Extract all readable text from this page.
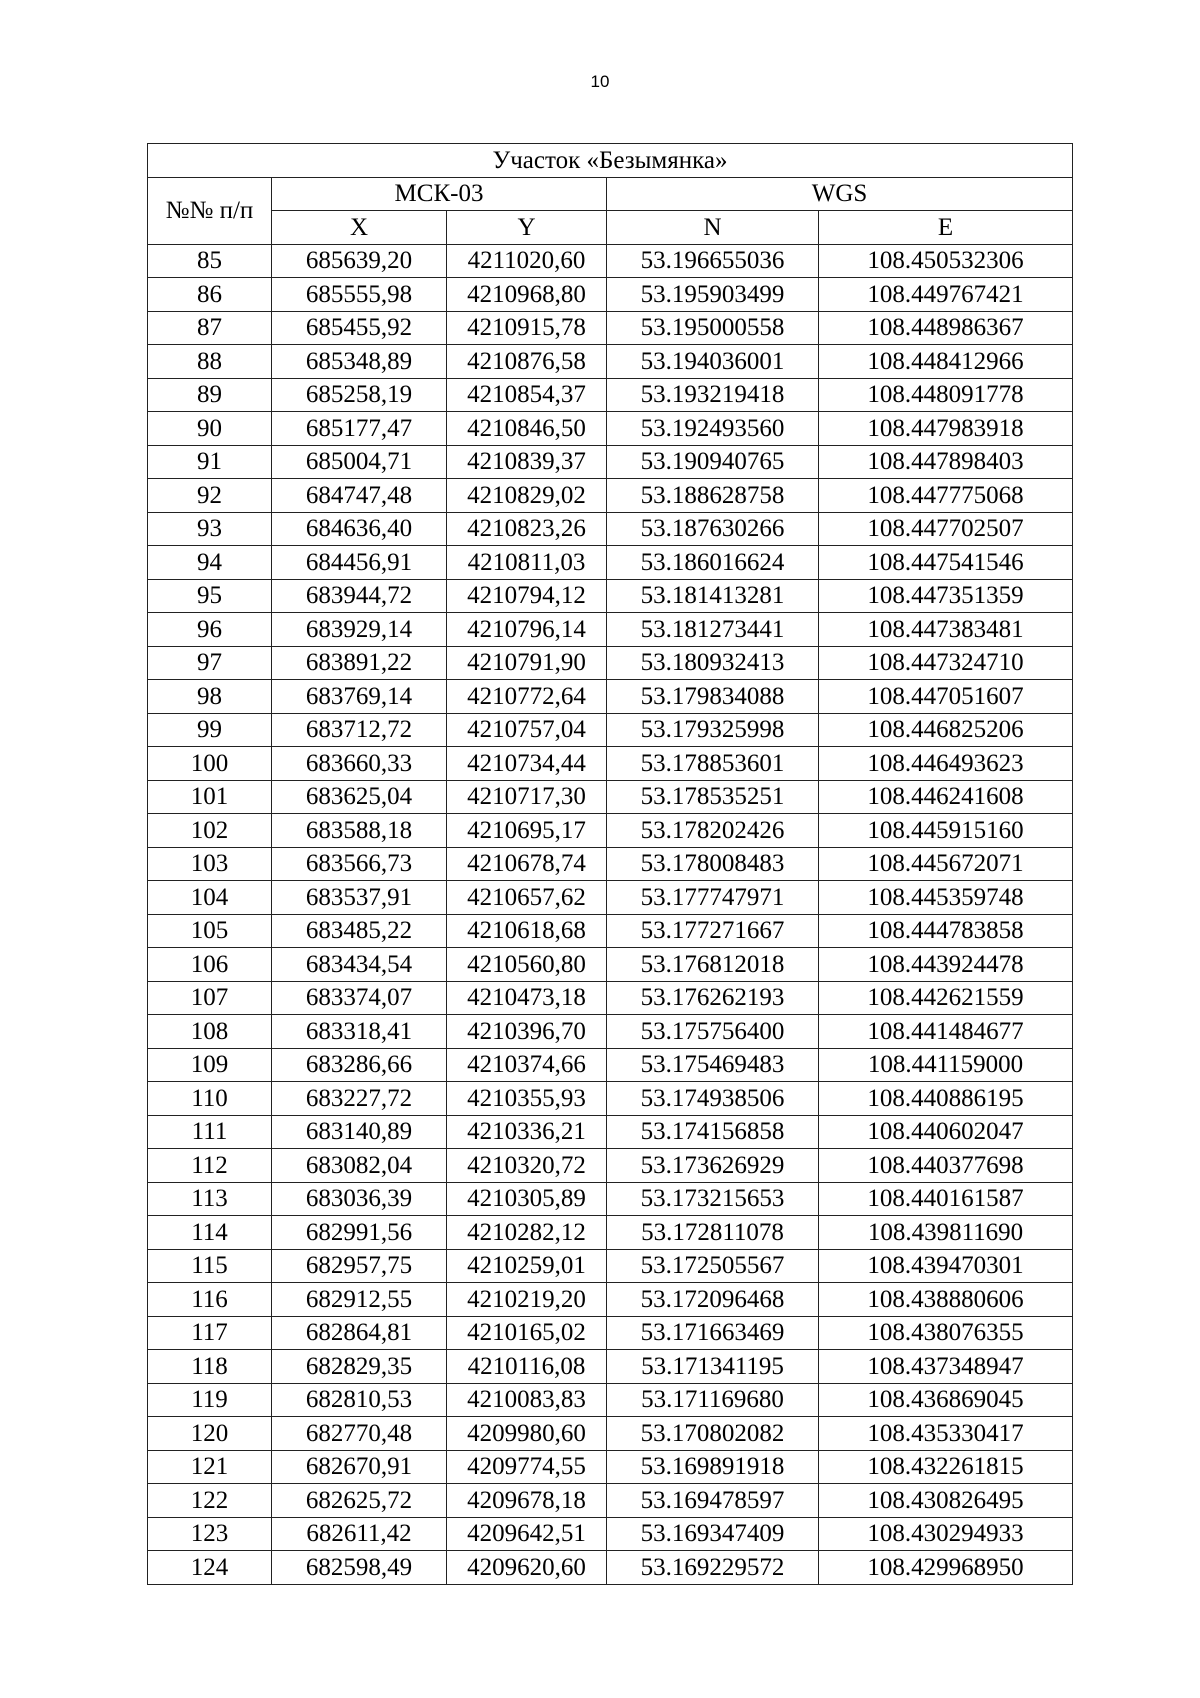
10
Участок «Безымянка»				
№№ п/п	МСК-03		WGS	
	X	Y	N	E
85	685639,20	4211020,60	53.196655036	108.450532306
86	685555,98	4210968,80	53.195903499	108.449767421
87	685455,92	4210915,78	53.195000558	108.448986367
88	685348,89	4210876,58	53.194036001	108.448412966
89	685258,19	4210854,37	53.193219418	108.448091778
90	685177,47	4210846,50	53.192493560	108.447983918
91	685004,71	4210839,37	53.190940765	108.447898403
92	684747,48	4210829,02	53.188628758	108.447775068
93	684636,40	4210823,26	53.187630266	108.447702507
94	684456,91	4210811,03	53.186016624	108.447541546
95	683944,72	4210794,12	53.181413281	108.447351359
96	683929,14	4210796,14	53.181273441	108.447383481
97	683891,22	4210791,90	53.180932413	108.447324710
98	683769,14	4210772,64	53.179834088	108.447051607
99	683712,72	4210757,04	53.179325998	108.446825206
100	683660,33	4210734,44	53.178853601	108.446493623
101	683625,04	4210717,30	53.178535251	108.446241608
102	683588,18	4210695,17	53.178202426	108.445915160
103	683566,73	4210678,74	53.178008483	108.445672071
104	683537,91	4210657,62	53.177747971	108.445359748
105	683485,22	4210618,68	53.177271667	108.444783858
106	683434,54	4210560,80	53.176812018	108.443924478
107	683374,07	4210473,18	53.176262193	108.442621559
108	683318,41	4210396,70	53.175756400	108.441484677
109	683286,66	4210374,66	53.175469483	108.441159000
110	683227,72	4210355,93	53.174938506	108.440886195
111	683140,89	4210336,21	53.174156858	108.440602047
112	683082,04	4210320,72	53.173626929	108.440377698
113	683036,39	4210305,89	53.173215653	108.440161587
114	682991,56	4210282,12	53.172811078	108.439811690
115	682957,75	4210259,01	53.172505567	108.439470301
116	682912,55	4210219,20	53.172096468	108.438880606
117	682864,81	4210165,02	53.171663469	108.438076355
118	682829,35	4210116,08	53.171341195	108.437348947
119	682810,53	4210083,83	53.171169680	108.436869045
120	682770,48	4209980,60	53.170802082	108.435330417
121	682670,91	4209774,55	53.169891918	108.432261815
122	682625,72	4209678,18	53.169478597	108.430826495
123	682611,42	4209642,51	53.169347409	108.430294933
124	682598,49	4209620,60	53.169229572	108.429968950
